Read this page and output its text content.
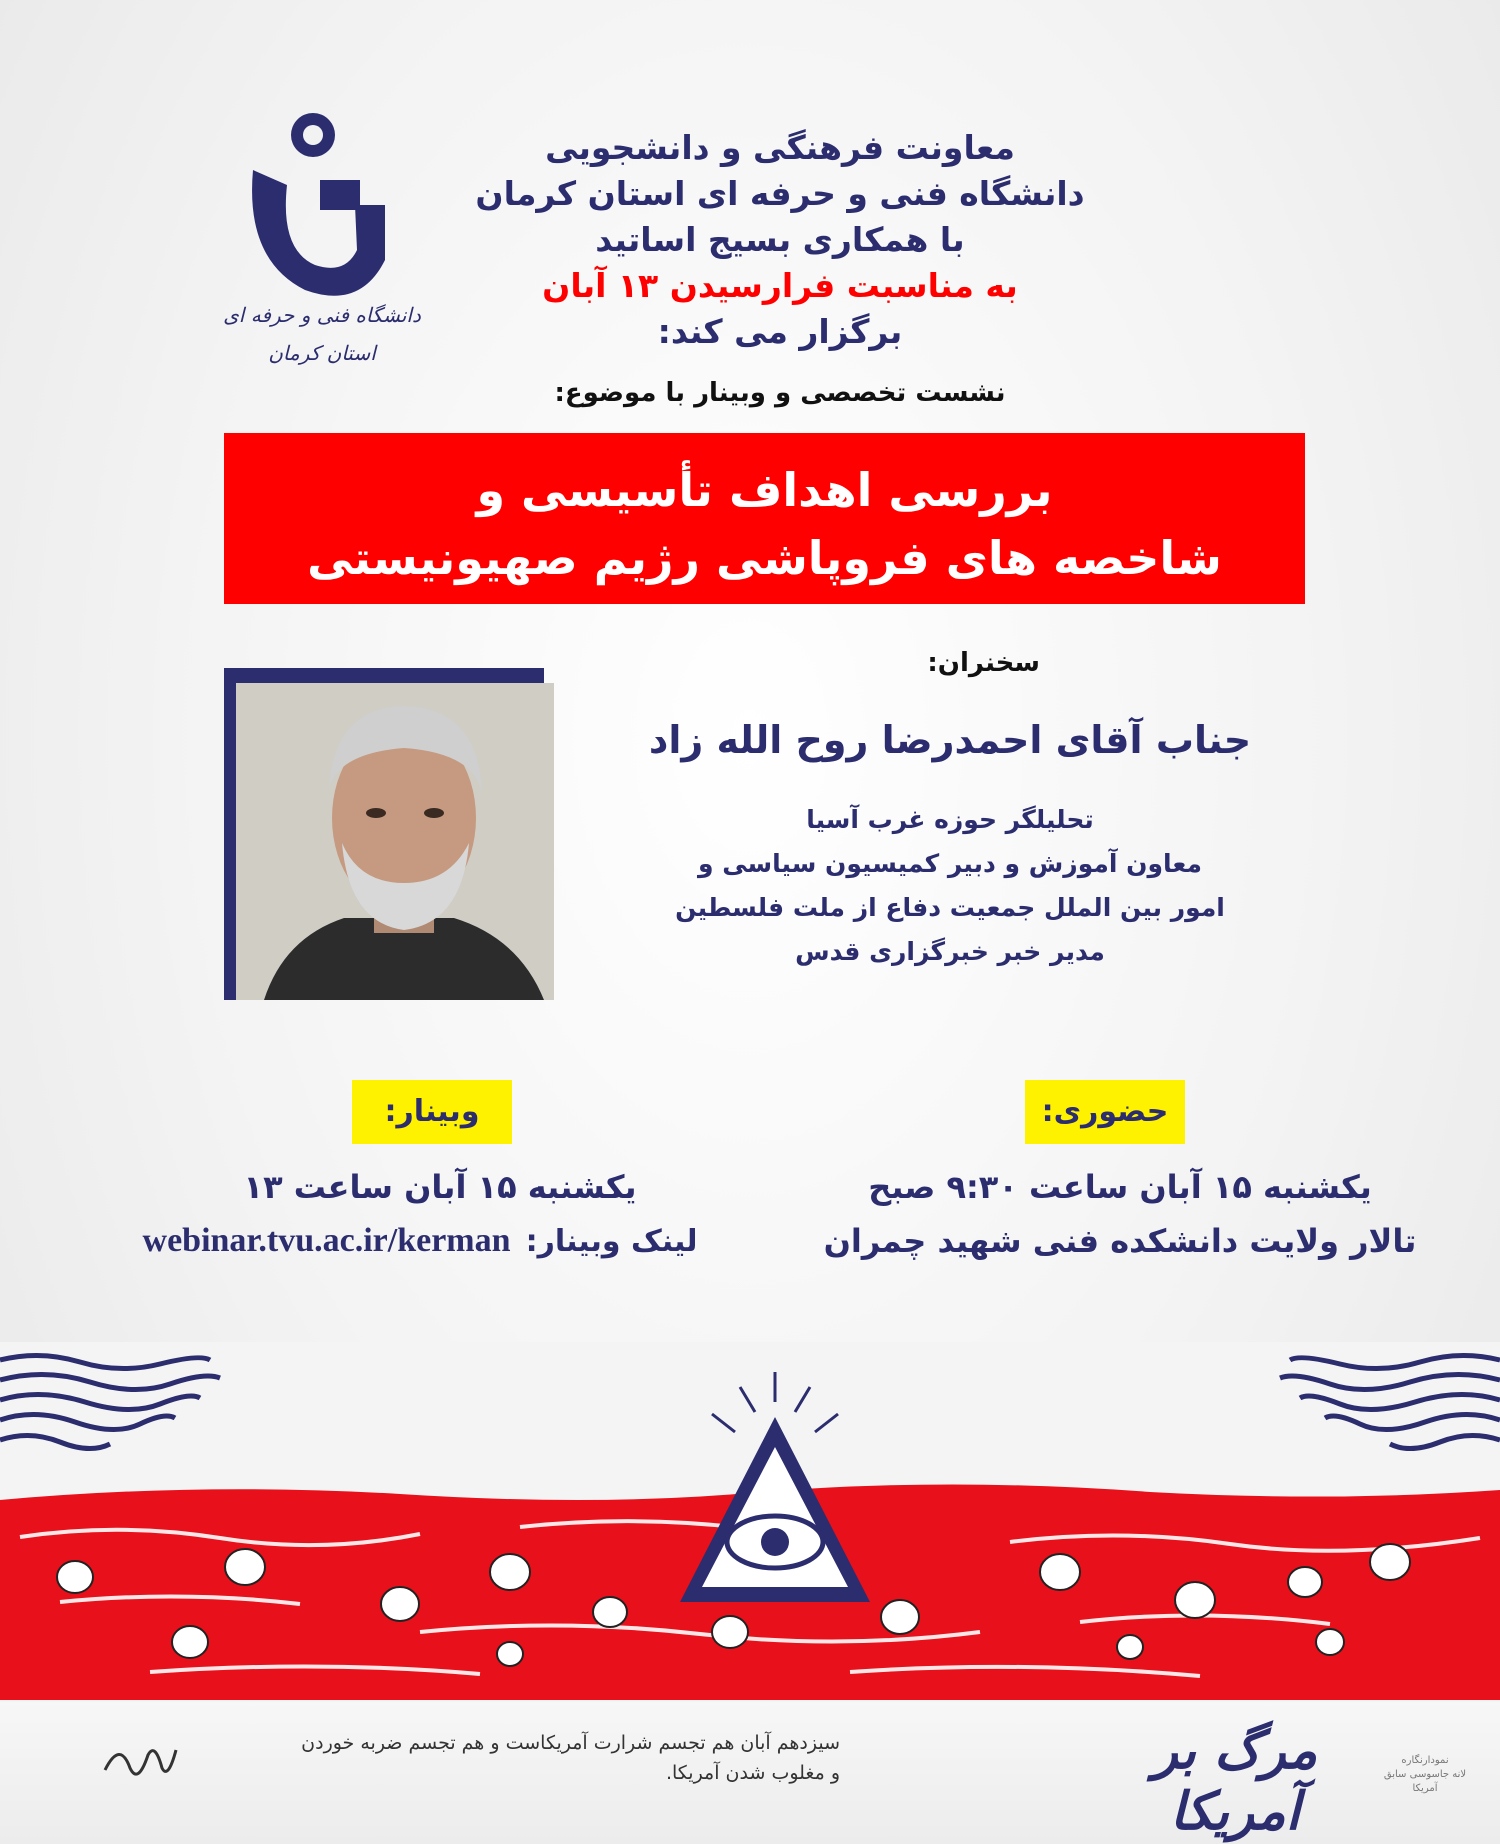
دانشگاه فنی و حرفه ای
استان کرمان
معاونت فرهنگی و دانشجویی
دانشگاه فنی و حرفه ای استان کرمان
با همکاری بسیج اساتید
به مناسبت فرارسیدن ۱۳ آبان
برگزار می کند:
نشست تخصصی و وبینار با موضوع:
بررسی اهداف تأسیسی و
شاخصه های فروپاشی رژیم صهیونیستی
سخنران:
جناب آقای احمدرضا روح الله زاد
تحلیلگر حوزه غرب آسیا
معاون آموزش و دبیر کمیسیون سیاسی و
امور بین الملل جمعیت دفاع از ملت فلسطین
مدیر خبر خبرگزاری قدس
حضوری:
یکشنبه ۱۵ آبان ساعت ۹:۳۰ صبح
تالار ولایت دانشکده فنی شهید چمران
وبینار:
یکشنبه ۱۵ آبان ساعت ۱۳
webinar.tvu.ac.ir/kerman لینک وبینار:
سیزدهم آبان هم تجسم شرارت آمریکاست و هم تجسم ضربه خوردن
و مغلوب شدن آمریکا.	مرگ بر آمریکا
نمودارنگاره
لانه جاسوسی سابق آمریکا
